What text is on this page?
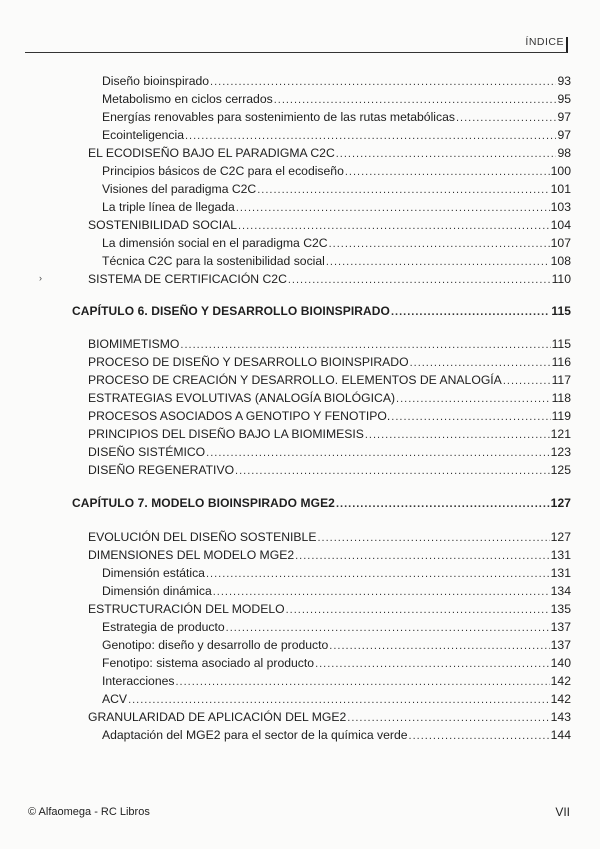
ÍNDICE
›
Diseño bioinspirado .....	93
Metabolismo en ciclos cerrados .....	95
Energías renovables para sostenimiento de las rutas metabólicas .....	97
Ecointeligencia .....	97
EL ECODISEÑO BAJO EL PARADIGMA C2C .....	98
Principios básicos de C2C para el ecodiseño .....	100
Visiones del paradigma C2C .....	101
La triple línea de llegada .....	103
SOSTENIBILIDAD SOCIAL .....	104
La dimensión social en el paradigma C2C .....	107
Técnica C2C para la sostenibilidad social .....	108
SISTEMA DE CERTIFICACIÓN C2C .....	110
CAPÍTULO 6. DISEÑO Y DESARROLLO BIOINSPIRADO .....	115
BIOMIMETISMO .....	115
PROCESO DE DISEÑO Y DESARROLLO BIOINSPIRADO .....	116
PROCESO DE CREACIÓN Y DESARROLLO. ELEMENTOS DE ANALOGÍA .....	117
ESTRATEGIAS EVOLUTIVAS (ANALOGÍA BIOLÓGICA) .....	118
PROCESOS ASOCIADOS A GENOTIPO Y FENOTIPO. .....	119
PRINCIPIOS DEL DISEÑO BAJO LA BIOMIMESIS .....	121
DISEÑO SISTÉMICO .....	123
DISEÑO REGENERATIVO .....	125
CAPÍTULO 7. MODELO BIOINSPIRADO MGE2 .....	127
EVOLUCIÓN DEL DISEÑO SOSTENIBLE .....	127
DIMENSIONES DEL MODELO MGE2 .....	131
Dimensión estática .....	131
Dimensión dinámica .....	134
ESTRUCTURACIÓN DEL MODELO .....	135
Estrategia de producto .....	137
Genotipo: diseño y desarrollo de producto .....	137
Fenotipo: sistema asociado al producto .....	140
Interacciones .....	142
ACV .....	142
GRANULARIDAD DE APLICACIÓN DEL MGE2 .....	143
Adaptación del MGE2 para el sector de la química verde .....	144
© Alfaomega - RC Libros	VII
